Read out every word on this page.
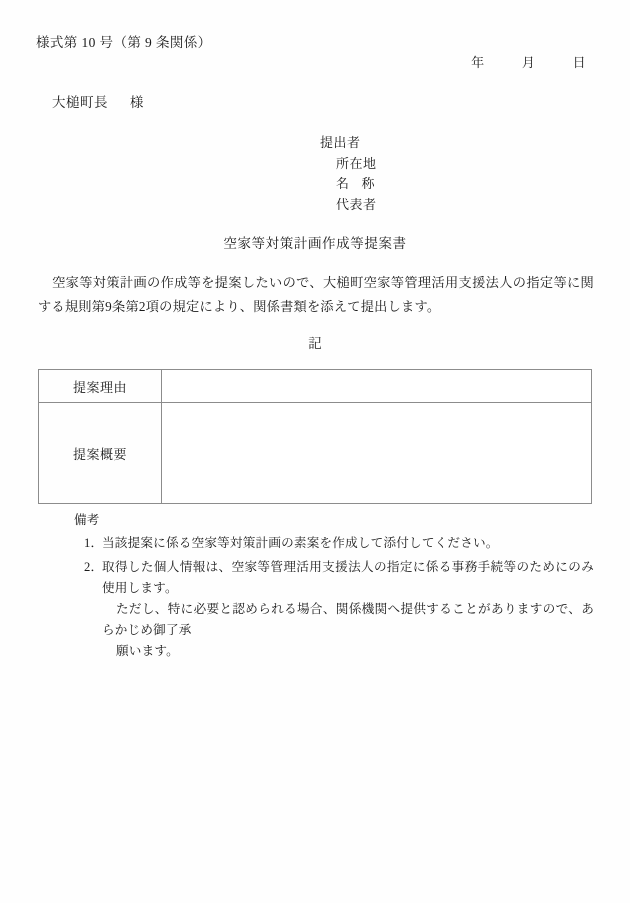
様式第 10 号（第 9 条関係）
年	月	日
大槌町長 様
提出者
所在地
名 称
代表者
空家等対策計画作成等提案書
空家等対策計画の作成等を提案したいので、大槌町空家等管理活用支援法人の指定等に関する規則第9条第2項の規定により、関係書類を添えて提出します。
記
提案理由	
提案概要	
備考
1．
当該提案に係る空家等対策計画の素案を作成して添付してください。
2．
取得した個人情報は、空家等管理活用支援法人の指定に係る事務手続等のためにのみ使用します。
ただし、特に必要と認められる場合、関係機関へ提供することがありますので、あらかじめ御了承
願います。
